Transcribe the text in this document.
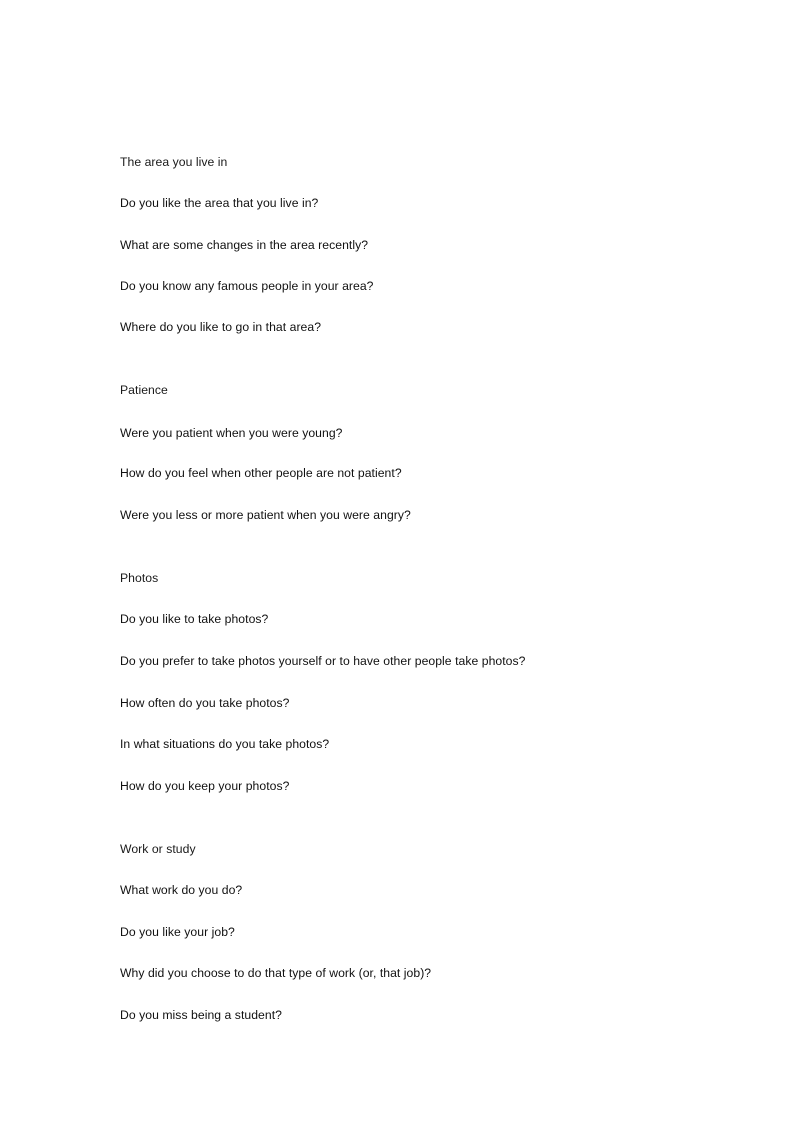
The area you live in
Do you like the area that you live in?
What are some changes in the area recently?
Do you know any famous people in your area?
Where do you like to go in that area?
Patience
Were you patient when you were young?
How do you feel when other people are not patient?
Were you less or more patient when you were angry?
Photos
Do you like to take photos?
Do you prefer to take photos yourself or to have other people take photos?
How often do you take photos?
In what situations do you take photos?
How do you keep your photos?
Work or study
What work do you do?
Do you like your job?
Why did you choose to do that type of work (or, that job)?
Do you miss being a student?
